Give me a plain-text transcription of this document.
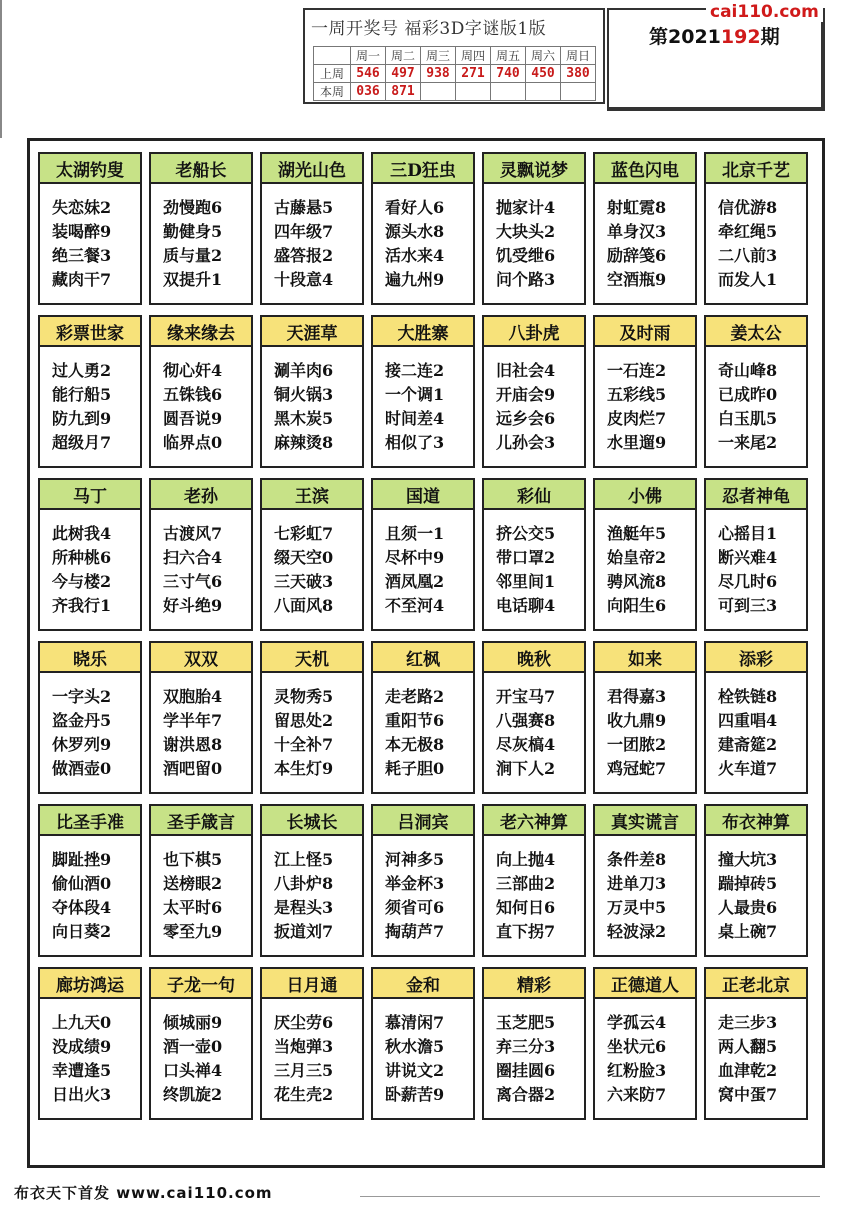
一周开奖号 福彩3D字谜版1版
	周一	周二	周三	周四	周五	周六	周日
上周	546	497	938	271	740	450	380
本周	036	871					
第2021192期
cai110.com
太湖钓叟
失恋妹2
装喝醉9
绝三餐3
藏肉干7
老船长
劲慢跑6
勤健身5
质与量2
双提升1
湖光山色
古藤悬5
四年级7
盛答报2
十段意4
三D狂虫
看好人6
源头水8
活水来4
遍九州9
灵飘说梦
抛家计4
大块头2
饥受绁6
问个路3
蓝色闪电
射虹霓8
单身汉3
励辞笺6
空酒瓶9
北京千艺
信优游8
牵红绳5
二八前3
而发人1
彩票世家
过人勇2
能行船5
防九到9
超级月7
缘来缘去
彻心奸4
五铢钱6
圆吾说9
临界点0
天涯草
涮羊肉6
铜火锅3
黑木炭5
麻辣烫8
大胜寨
接二连2
一个调1
时间差4
相似了3
八卦虎
旧社会4
开庙会9
远乡会6
儿孙会3
及时雨
一石连2
五彩线5
皮肉烂7
水里遛9
姜太公
奇山峰8
已成昨0
白玉肌5
一来尾2
马丁
此树我4
所种桃6
今与楼2
齐我行1
老孙
古渡风7
扫六合4
三寸气6
好斗绝9
王滨
七彩虹7
缀天空0
三天破3
八面风8
国道
且须一1
尽杯中9
酒凤凰2
不至河4
彩仙
挤公交5
带口罩2
邻里间1
电话聊4
小佛
渔艇年5
始皇帝2
骋风流8
向阳生6
忍者神龟
心摇目1
断兴难4
尽几时6
可到三3
晓乐
一字头2
盗金丹5
休罗列9
做酒壶0
双双
双胞胎4
学半年7
谢洪恩8
酒吧留0
天机
灵物秀5
留思处2
十全补7
本生灯9
红枫
走老路2
重阳节6
本无极8
耗子胆0
晚秋
开宝马7
八强赛8
尽灰槁4
涧下人2
如来
君得嘉3
收九鼎9
一团脓2
鸡冠蛇7
添彩
栓铁链8
四重唱4
建斋筵2
火车道7
比圣手准
脚趾挫9
偷仙酒0
夺体段4
向日葵2
圣手箴言
也下棋5
送榜眼2
太平时6
零至九9
长城长
江上怪5
八卦炉8
是程头3
扳道刘7
吕洞宾
河神多5
举金杯3
须省可6
掏葫芦7
老六神算
向上抛4
三部曲2
知何日6
直下拐7
真实谎言
条件差8
进单刀3
万灵中5
轻波渌2
布衣神算
撞大坑3
踹掉砖5
人最贵6
桌上碗7
廊坊鸿运
上九天0
没成绩9
幸遭逢5
日出火3
子龙一句
倾城丽9
酒一壶0
口头禅4
终凯旋2
日月通
厌尘劳6
当炮弹3
三月三5
花生壳2
金和
慕清闲7
秋水澹5
讲说文2
卧薪苦9
精彩
玉芝肥5
弃三分3
圈挂圆6
离合器2
正德道人
学孤云4
坐状元6
红粉脸3
六来防7
正老北京
走三步3
两人翻5
血津乾2
窝中蛋7
布衣天下首发 www.cai110.com
